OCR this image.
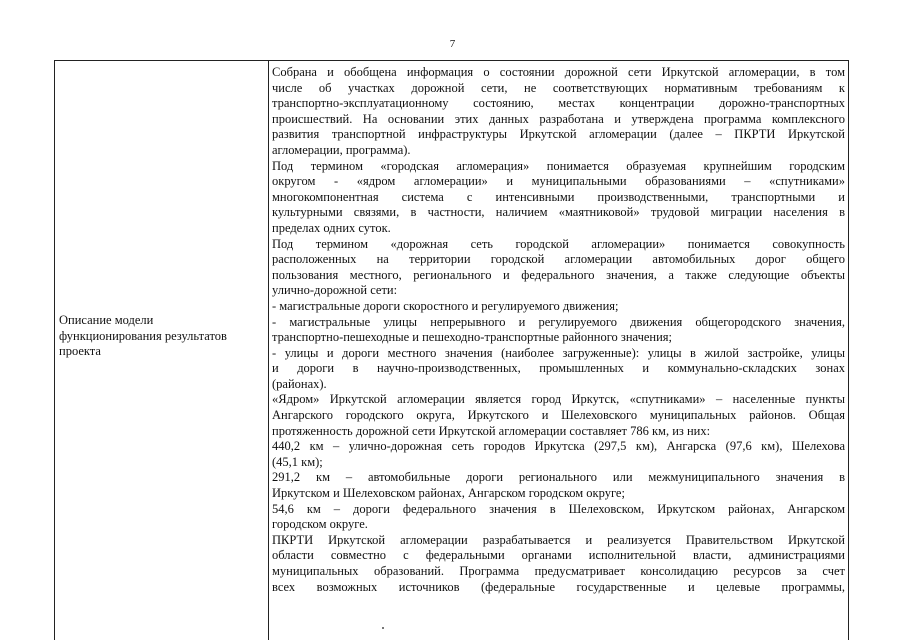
7
Описание модели
функционирования результатов
проекта
Собрана и обобщена информация о состоянии дорожной сети Иркутской агломерации, в том
числе об участках дорожной сети, не соответствующих нормативным требованиям к
транспортно-эксплуатационному состоянию, местах концентрации дорожно-транспортных
происшествий. На основании этих данных разработана и утверждена программа комплексного
развития транспортной инфраструктуры Иркутской агломерации (далее – ПКРТИ Иркутской
агломерации, программа).
Под термином «городская агломерация» понимается образуемая крупнейшим городским
округом - «ядром агломерации» и муниципальными образованиями – «спутниками»
многокомпонентная система с интенсивными производственными, транспортными и
культурными связями, в частности, наличием «маятниковой» трудовой миграции населения в
пределах одних суток.
Под термином «дорожная сеть городской агломерации» понимается совокупность
расположенных на территории городской агломерации автомобильных дорог общего
пользования местного, регионального и федерального значения, а также следующие объекты
улично-дорожной сети:
- магистральные дороги скоростного и регулируемого движения;
- магистральные улицы непрерывного и регулируемого движения общегородского значения,
транспортно-пешеходные и пешеходно-транспортные районного значения;
- улицы и дороги местного значения (наиболее загруженные): улицы в жилой застройке, улицы
и дороги в научно-производственных, промышленных и коммунально-складских зонах
(районах).
«Ядром» Иркутской агломерации является город Иркутск, «спутниками» – населенные пункты
Ангарского городского округа, Иркутского и Шелеховского муниципальных районов. Общая
протяженность дорожной сети Иркутской агломерации составляет 786 км, из них:
440,2 км – улично-дорожная сеть городов Иркутска (297,5 км), Ангарска (97,6 км), Шелехова
(45,1 км);
291,2 км – автомобильные дороги регионального или межмуниципального значения в
Иркутском и Шелеховском районах, Ангарском городском округе;
54,6 км – дороги федерального значения в Шелеховском, Иркутском районах, Ангарском
городском округе.
ПКРТИ Иркутской агломерации разрабатывается и реализуется Правительством Иркутской
области совместно с федеральными органами исполнительной власти, администрациями
муниципальных образований. Программа предусматривает консолидацию ресурсов за счет
всех возможных источников (федеральные государственные и целевые программы,
